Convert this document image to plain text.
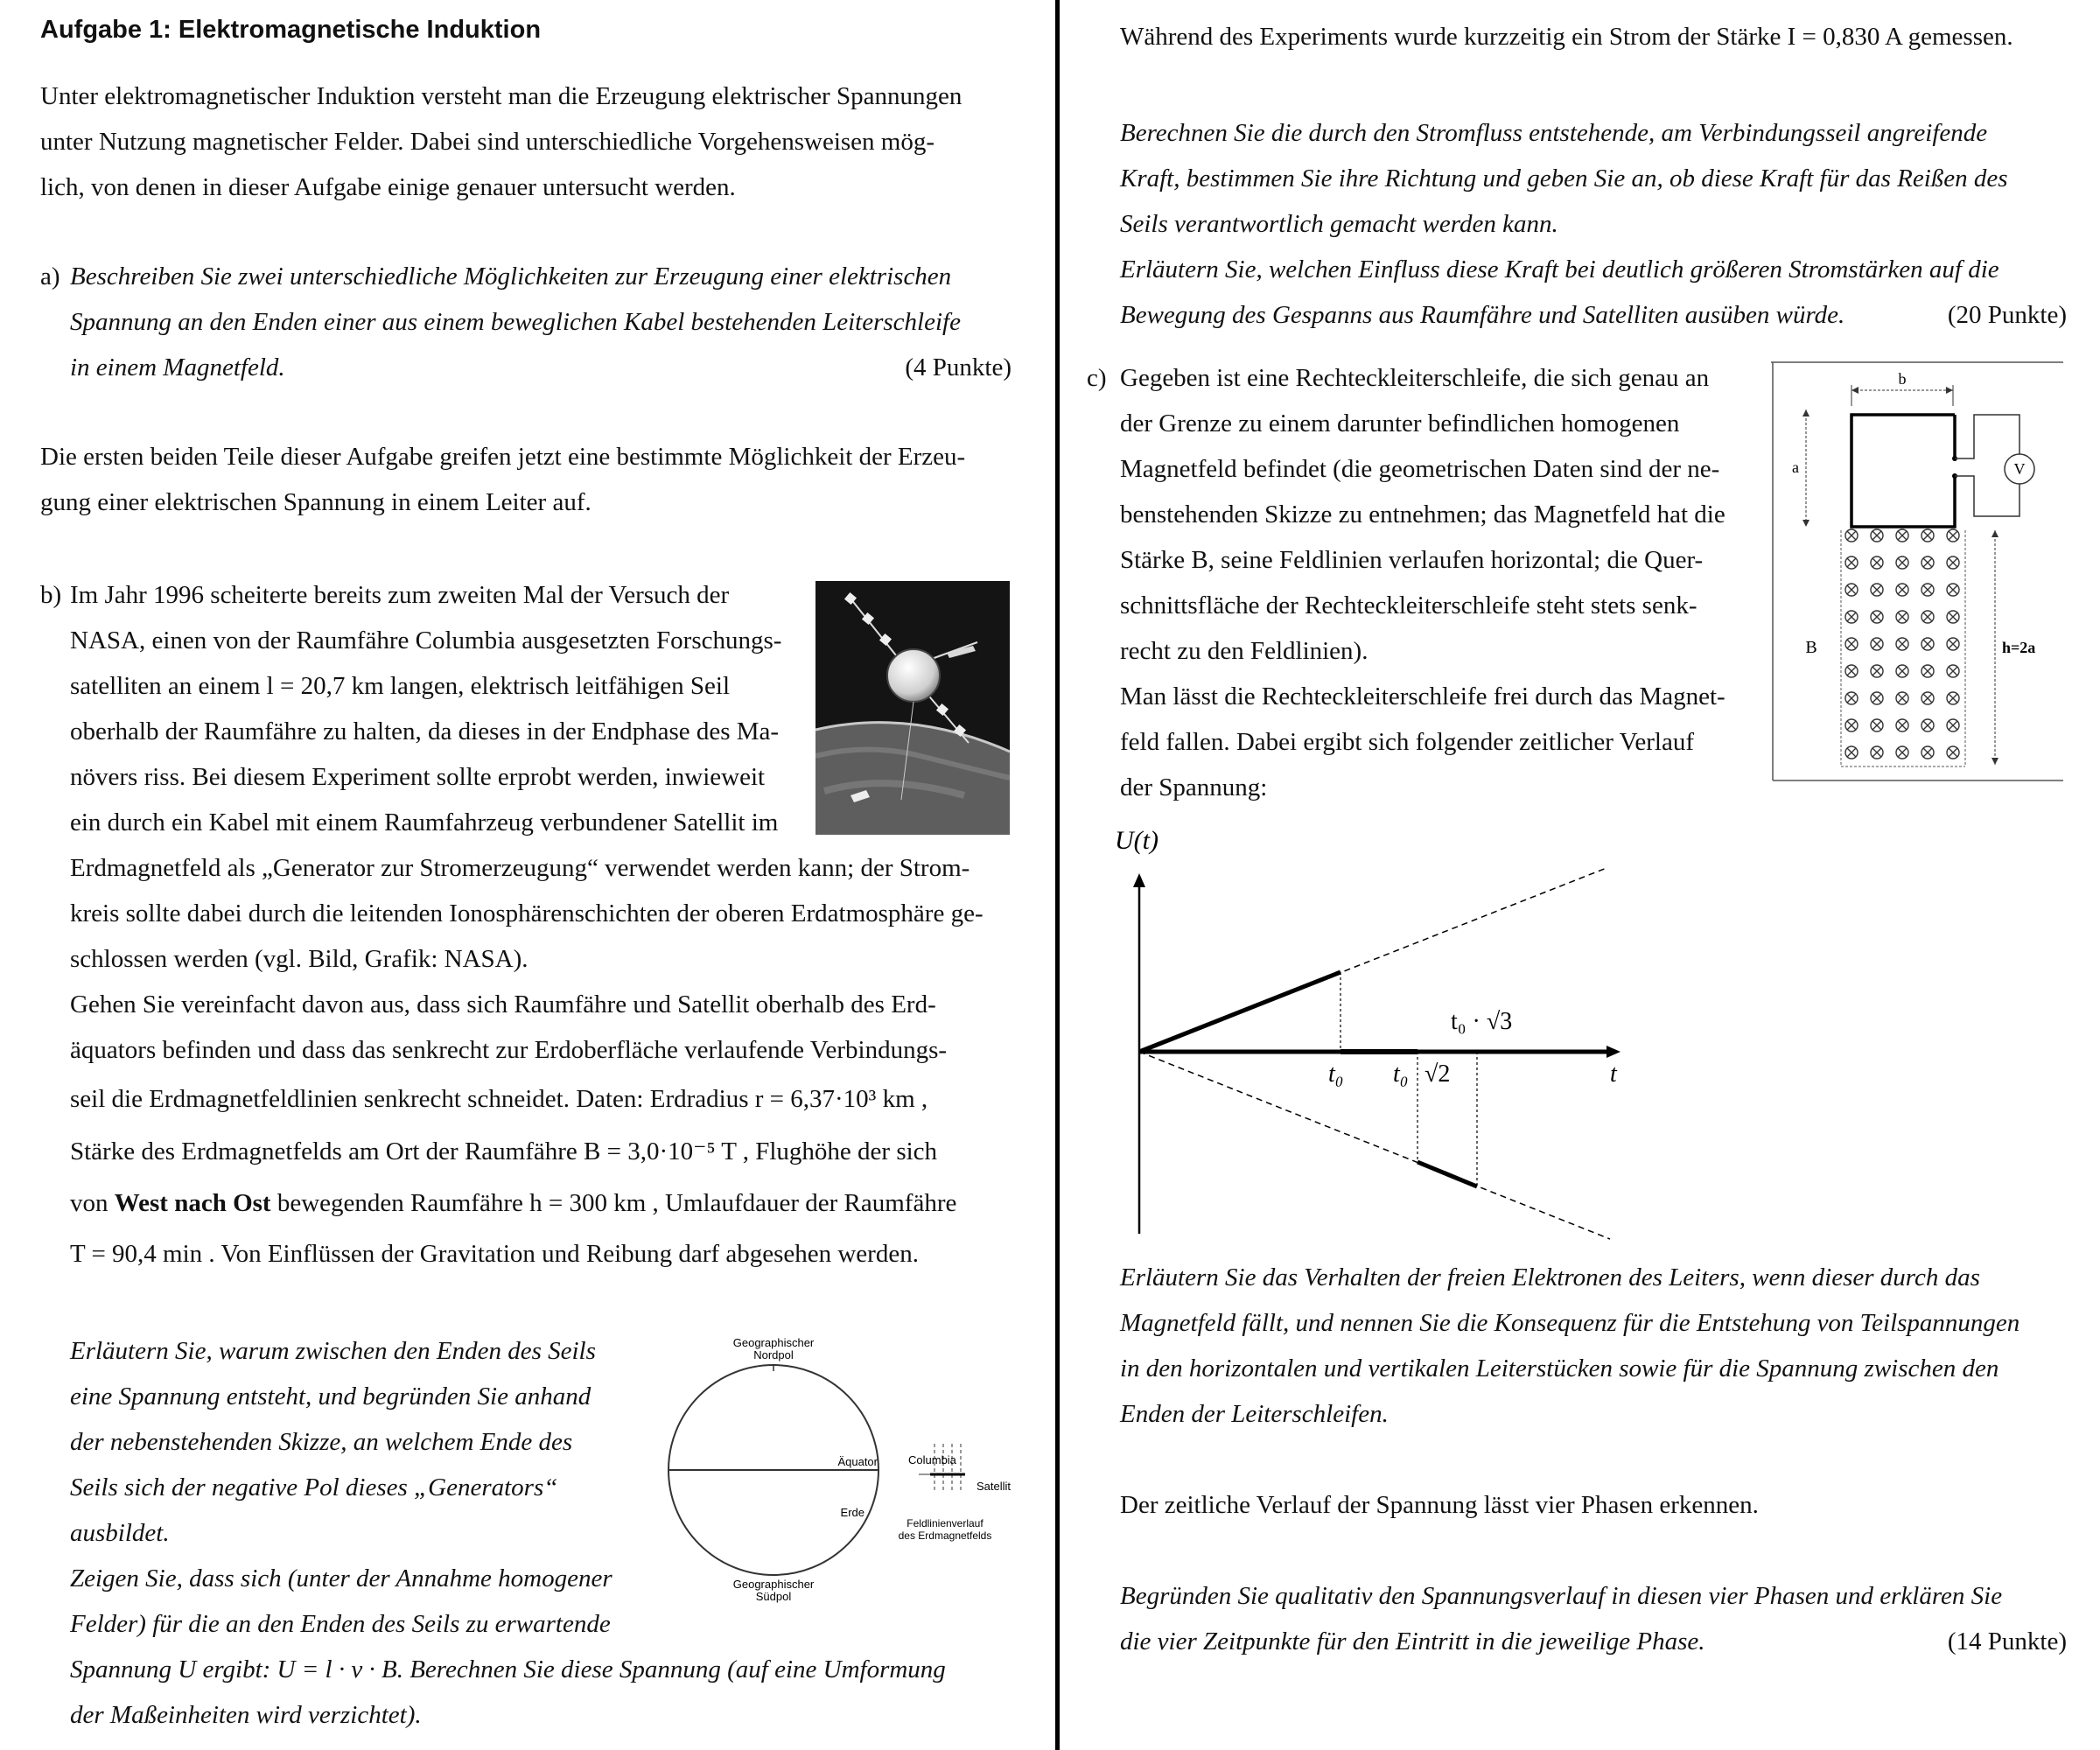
Aufgabe 1: Elektromagnetische Induktion

Unter elektromagnetischer Induktion versteht man die Erzeugung elektrischer Spannungen

unter Nutzung magnetischer Felder. Dabei sind unterschiedliche Vorgehensweisen mög-

lich, von denen in dieser Aufgabe einige genauer untersucht werden.

a) Beschreiben Sie zwei unterschiedliche Möglichkeiten zur Erzeugung einer elektrischen

Spannung an den Enden einer aus einem beweglichen Kabel bestehenden Leiterschleife

in einem Magnetfeld.	(4 Punkte)

Die ersten beiden Teile dieser Aufgabe greifen jetzt eine bestimmte Möglichkeit der Erzeu-

gung einer elektrischen Spannung in einem Leiter auf.

b) Im Jahr 1996 scheiterte bereits zum zweiten Mal der Versuch der

NASA, einen von der Raumfähre Columbia ausgesetzten Forschungs-

satelliten an einem l = 20,7 km langen, elektrisch leitfähigen Seil

oberhalb der Raumfähre zu halten, da dieses in der Endphase des Ma-

növers riss. Bei diesem Experiment sollte erprobt werden, inwieweit

ein durch ein Kabel mit einem Raumfahrzeug verbundener Satellit im

Erdmagnetfeld als „Generator zur Stromerzeugung“ verwendet werden kann; der Strom-

kreis sollte dabei durch die leitenden Ionosphärenschichten der oberen Erdatmosphäre ge-

schlossen werden (vgl. Bild, Grafik: NASA).

Gehen Sie vereinfacht davon aus, dass sich Raumfähre und Satellit oberhalb des Erd-

äquators befinden und dass das senkrecht zur Erdoberfläche verlaufende Verbindungs-

seil die Erdmagnetfeldlinien senkrecht schneidet. Daten: Erdradius r = 6,37·10³ km ,

Stärke des Erdmagnetfelds am Ort der Raumfähre B = 3,0·10⁻⁵ T , Flughöhe der sich

von West nach Ost bewegenden Raumfähre h = 300 km , Umlaufdauer der Raumfähre

T = 90,4 min . Von Einflüssen der Gravitation und Reibung darf abgesehen werden.

Erläutern Sie, warum zwischen den Enden des Seils

eine Spannung entsteht, und begründen Sie anhand

der nebenstehenden Skizze, an welchem Ende des

Seils sich der negative Pol dieses „Generators“

ausbildet.

Zeigen Sie, dass sich (unter der Annahme homogener

Felder) für die an den Enden des Seils zu erwartende

Spannung U ergibt: U = l · v · B. Berechnen Sie diese Spannung (auf eine Umformung

der Maßeinheiten wird verzichtet).

Geographischer
Nordpol
Äquator
Erde
Geographischer
Südpol
Columbia
Satellit
Feldlinienverlauf
des Erdmagnetfelds

Während des Experiments wurde kurzzeitig ein Strom der Stärke I = 0,830 A gemessen.

Berechnen Sie die durch den Stromfluss entstehende, am Verbindungsseil angreifende

Kraft, bestimmen Sie ihre Richtung und geben Sie an, ob diese Kraft für das Reißen des

Seils verantwortlich gemacht werden kann.

Erläutern Sie, welchen Einfluss diese Kraft bei deutlich größeren Stromstärken auf die

Bewegung des Gespanns aus Raumfähre und Satelliten ausüben würde.	(20 Punkte)
c) Gegeben ist eine Rechteckleiterschleife, die sich genau an

der Grenze zu einem darunter befindlichen homogenen

Magnetfeld befindet (die geometrischen Daten sind der ne-

benstehenden Skizze zu entnehmen; das Magnetfeld hat die

Stärke B, seine Feldlinien verlaufen horizontal; die Quer-

schnittsfläche der Rechteckleiterschleife steht stets senk-

recht zu den Feldlinien).

Man lässt die Rechteckleiterschleife frei durch das Magnet-

feld fallen. Dabei ergibt sich folgender zeitlicher Verlauf

der Spannung:

Erläutern Sie das Verhalten der freien Elektronen des Leiters, wenn dieser durch das

Magnetfeld fällt, und nennen Sie die Konsequenz für die Entstehung von Teilspannungen

in den horizontalen und vertikalen Leiterstücken sowie für die Spannung zwischen den

Enden der Leiterschleifen.

Der zeitliche Verlauf der Spannung lässt vier Phasen erkennen.

Begründen Sie qualitativ den Spannungsverlauf in diesen vier Phasen und erklären Sie

die vier Zeitpunkte für den Eintritt in die jeweilige Phase.	(14 Punkte)
b
a	V
B	h=2a
U(t)
t
t₀ t₀ √2
t₀ · √3
